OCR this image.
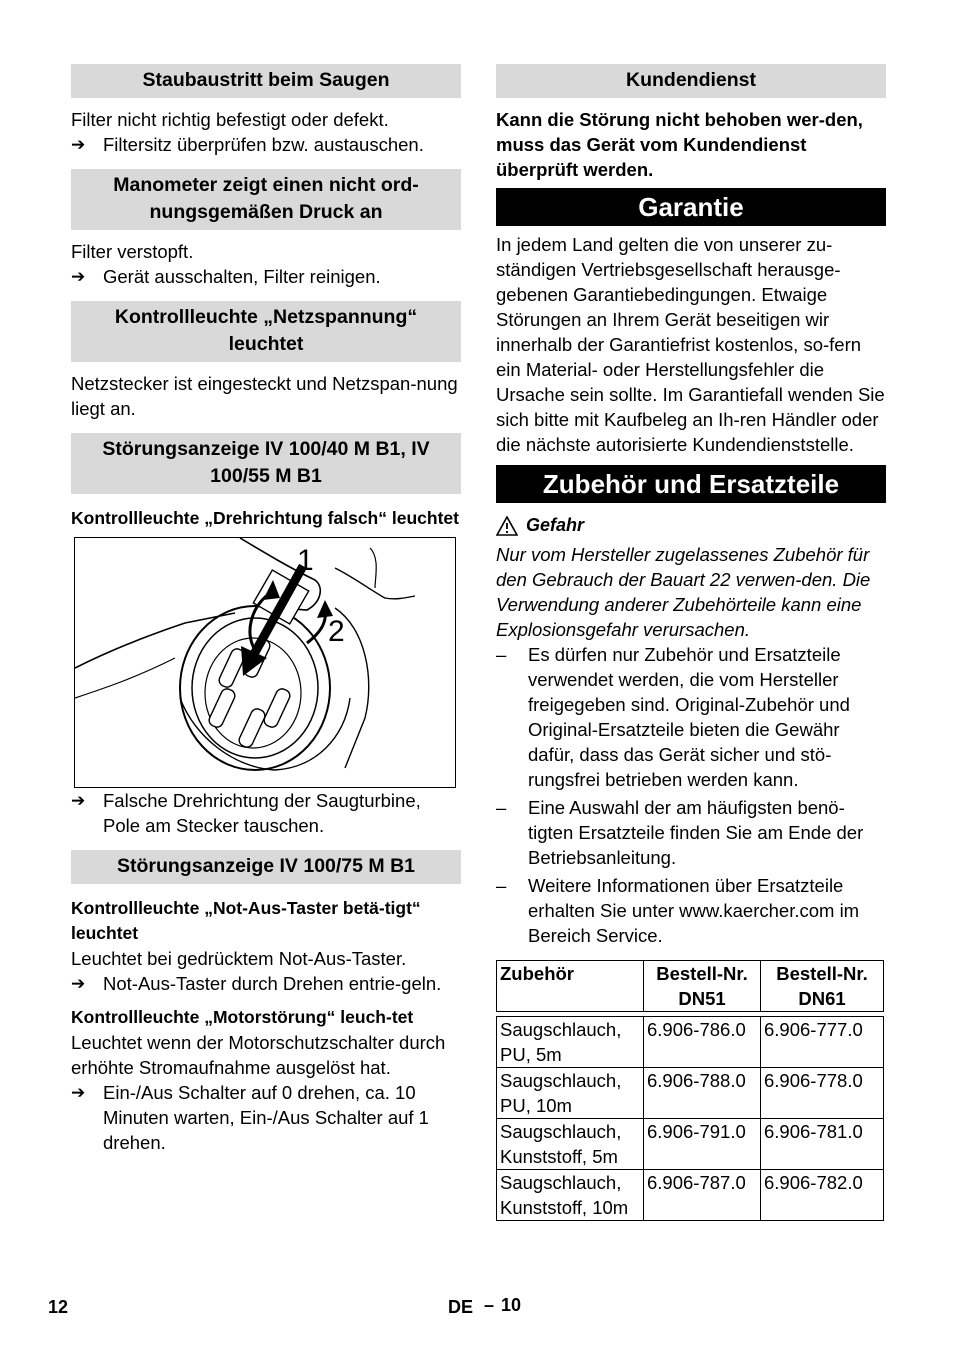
Staubaustritt beim Saugen

Filter nicht richtig befestigt oder defekt.

➔ Filtersitz überprüfen bzw. austauschen.
Manometer zeigt einen nicht ord-nungsgemäßen Druck an

Filter verstopft.

➔ Gerät ausschalten, Filter reinigen.
Kontrollleuchte „Netzspannung“ leuchtet

Netzstecker ist eingesteckt und Netzspan-nung liegt an.

Störungsanzeige IV 100/40 M B1, IV 100/55 M B1
Kontrollleuchte „Drehrichtung falsch“ leuchtet
1
2
➔ Falsche Drehrichtung der Saugturbine, Pole am Stecker tauschen.
Störungsanzeige IV 100/75 M B1
Kontrollleuchte „Not-Aus-Taster betä-tigt“ leuchtet

Leuchtet bei gedrücktem Not-Aus-Taster.

➔ Not-Aus-Taster durch Drehen entrie-geln.
Kontrollleuchte „Motorstörung“ leuch-tet

Leuchtet wenn der Motorschutzschalter durch erhöhte Stromaufnahme ausgelöst hat.

➔ Ein-/Aus Schalter auf 0 drehen, ca. 10 Minuten warten, Ein-/Aus Schalter auf 1 drehen.
Kundendienst

Kann die Störung nicht behoben wer-den, muss das Gerät vom Kundendienst überprüft werden.

Garantie

In jedem Land gelten die von unserer zu-ständigen Vertriebsgesellschaft herausge-gebenen Garantiebedingungen. Etwaige Störungen an Ihrem Gerät beseitigen wir innerhalb der Garantiefrist kostenlos, so-fern ein Material- oder Herstellungsfehler die Ursache sein sollte. Im Garantiefall wenden Sie sich bitte mit Kaufbeleg an Ih-ren Händler oder die nächste autorisierte Kundendienststelle.

Zubehör und Ersatzteile
Gefahr

Nur vom Hersteller zugelassenes Zubehör für den Gebrauch der Bauart 22 verwen-den. Die Verwendung anderer Zubehörteile kann eine Explosionsgefahr verursachen.

–	Es dürfen nur Zubehör und Ersatzteile verwendet werden, die vom Hersteller freigegeben sind. Original-Zubehör und Original-Ersatzteile bieten die Gewähr dafür, dass das Gerät sicher und stö-rungsfrei betrieben werden kann.
–	Eine Auswahl der am häufigsten benö-tigten Ersatzteile finden Sie am Ende der Betriebsanleitung.
–	Weitere Informationen über Ersatzteile erhalten Sie unter www.kaercher.com im Bereich Service.
Zubehör	Bestell-Nr. DN51	Bestell-Nr. DN61

Saugschlauch, PU, 5m	6.906-786.0	6.906-777.0
Saugschlauch, PU, 10m	6.906-788.0	6.906-778.0
Saugschlauch, Kunststoff, 5m	6.906-791.0	6.906-781.0
Saugschlauch, Kunststoff, 10m	6.906-787.0	6.906-782.0
12	DE – 10
